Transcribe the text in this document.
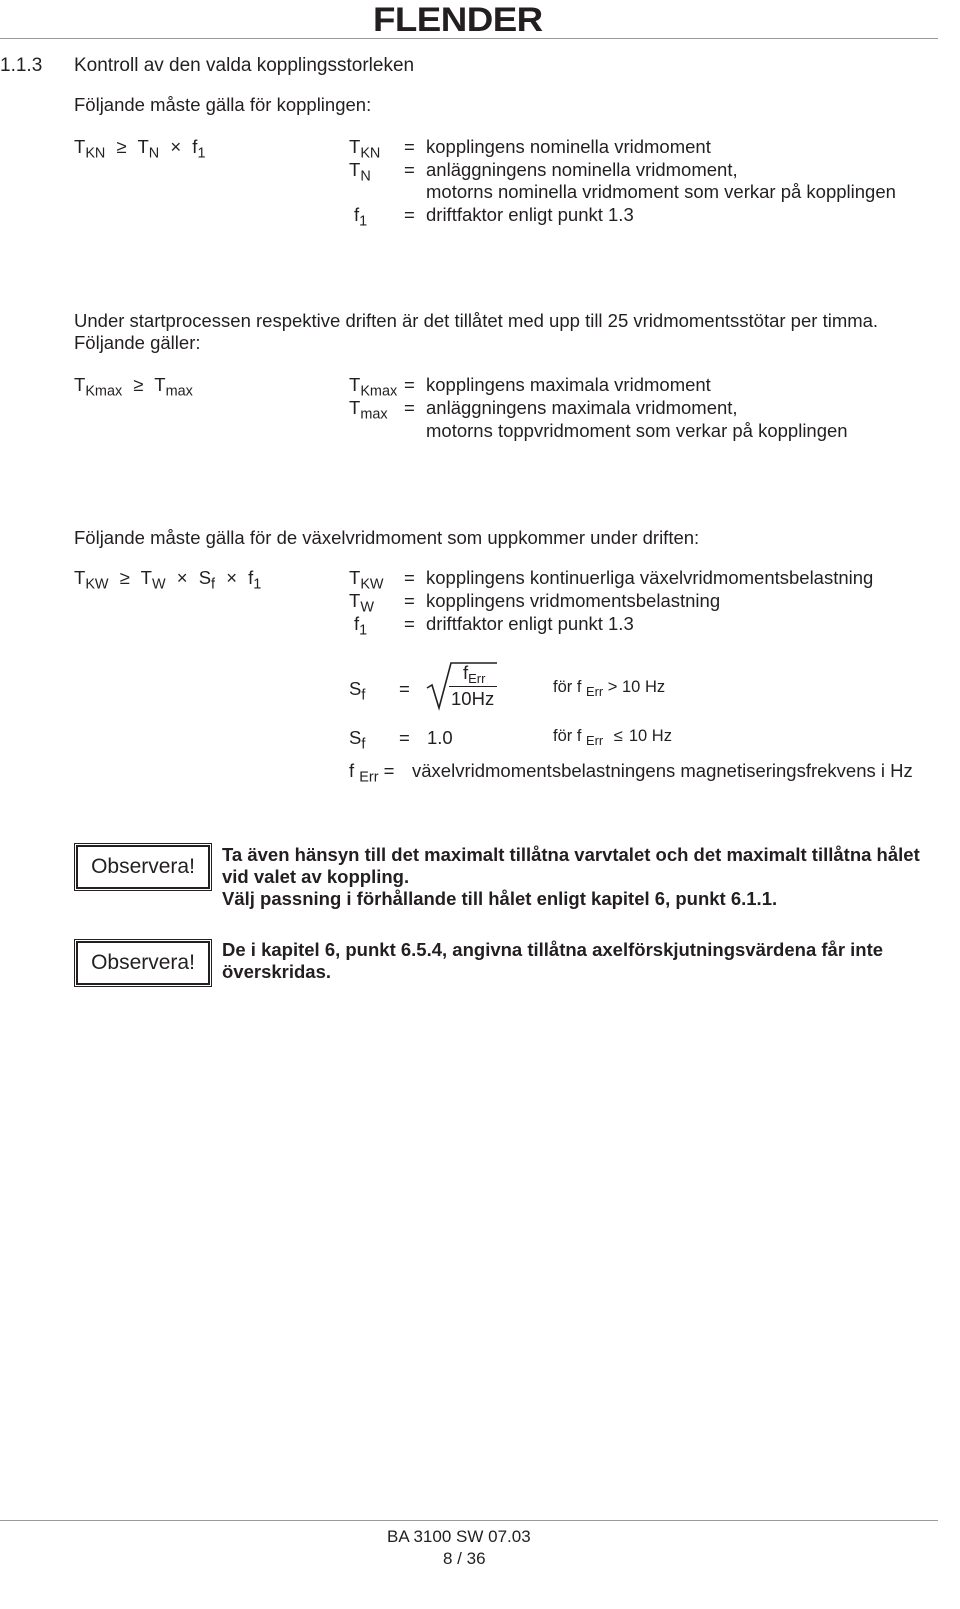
FLENDER
1.1.3 Kontroll av den valda kopplingsstorleken
Följande måste gälla för kopplingen:
$T_{KN} \ge T_N \times f_1$	$T_{KN}$ = kopplingens nominella vridmoment
$T_N$ = anläggningens nominella vridmoment,
motorns nominella vridmoment som verkar på kopplingen
$f_1$ = driftfaktor enligt punkt 1.3
Under startprocessen respektive driften är det tillåtet med upp till 25 vridmomentsstötar per timma.
Följande gäller:
$T_{Kmax} \ge T_{max}$	$T_{Kmax}$ = kopplingens maximala vridmoment
$T_{max}$ = anläggningens maximala vridmoment,
motorns toppvridmoment som verkar på kopplingen
Följande måste gälla för de växelvridmoment som uppkommer under driften:
$T_{KW} \ge T_W \times S_f \times f_1$	$T_{KW}$ = kopplingens kontinuerliga växelvridmomentsbelastning
$T_W$ = kopplingens vridmomentsbelastning
$f_1$ = driftfaktor enligt punkt 1.3
$S_f$ =
$f_{Err}$
10Hz
för f $_{Err}$ > 10 Hz
$S_f = 1.0$	för f $_{Err}$ ≤ 10 Hz
f $_{Err}$ = växelvridmomentsbelastningens magnetiseringsfrekvens i Hz
Observera!
Ta även hänsyn till det maximalt tillåtna varvtalet och det maximalt tillåtna hålet
vid valet av koppling.
Välj passning i förhållande till hålet enligt kapitel 6, punkt 6.1.1.
Observera!
De i kapitel 6, punkt 6.5.4, angivna tillåtna axelförskjutningsvärdena får inte
överskridas.
BA 3100 SW 07.03
8 / 36
